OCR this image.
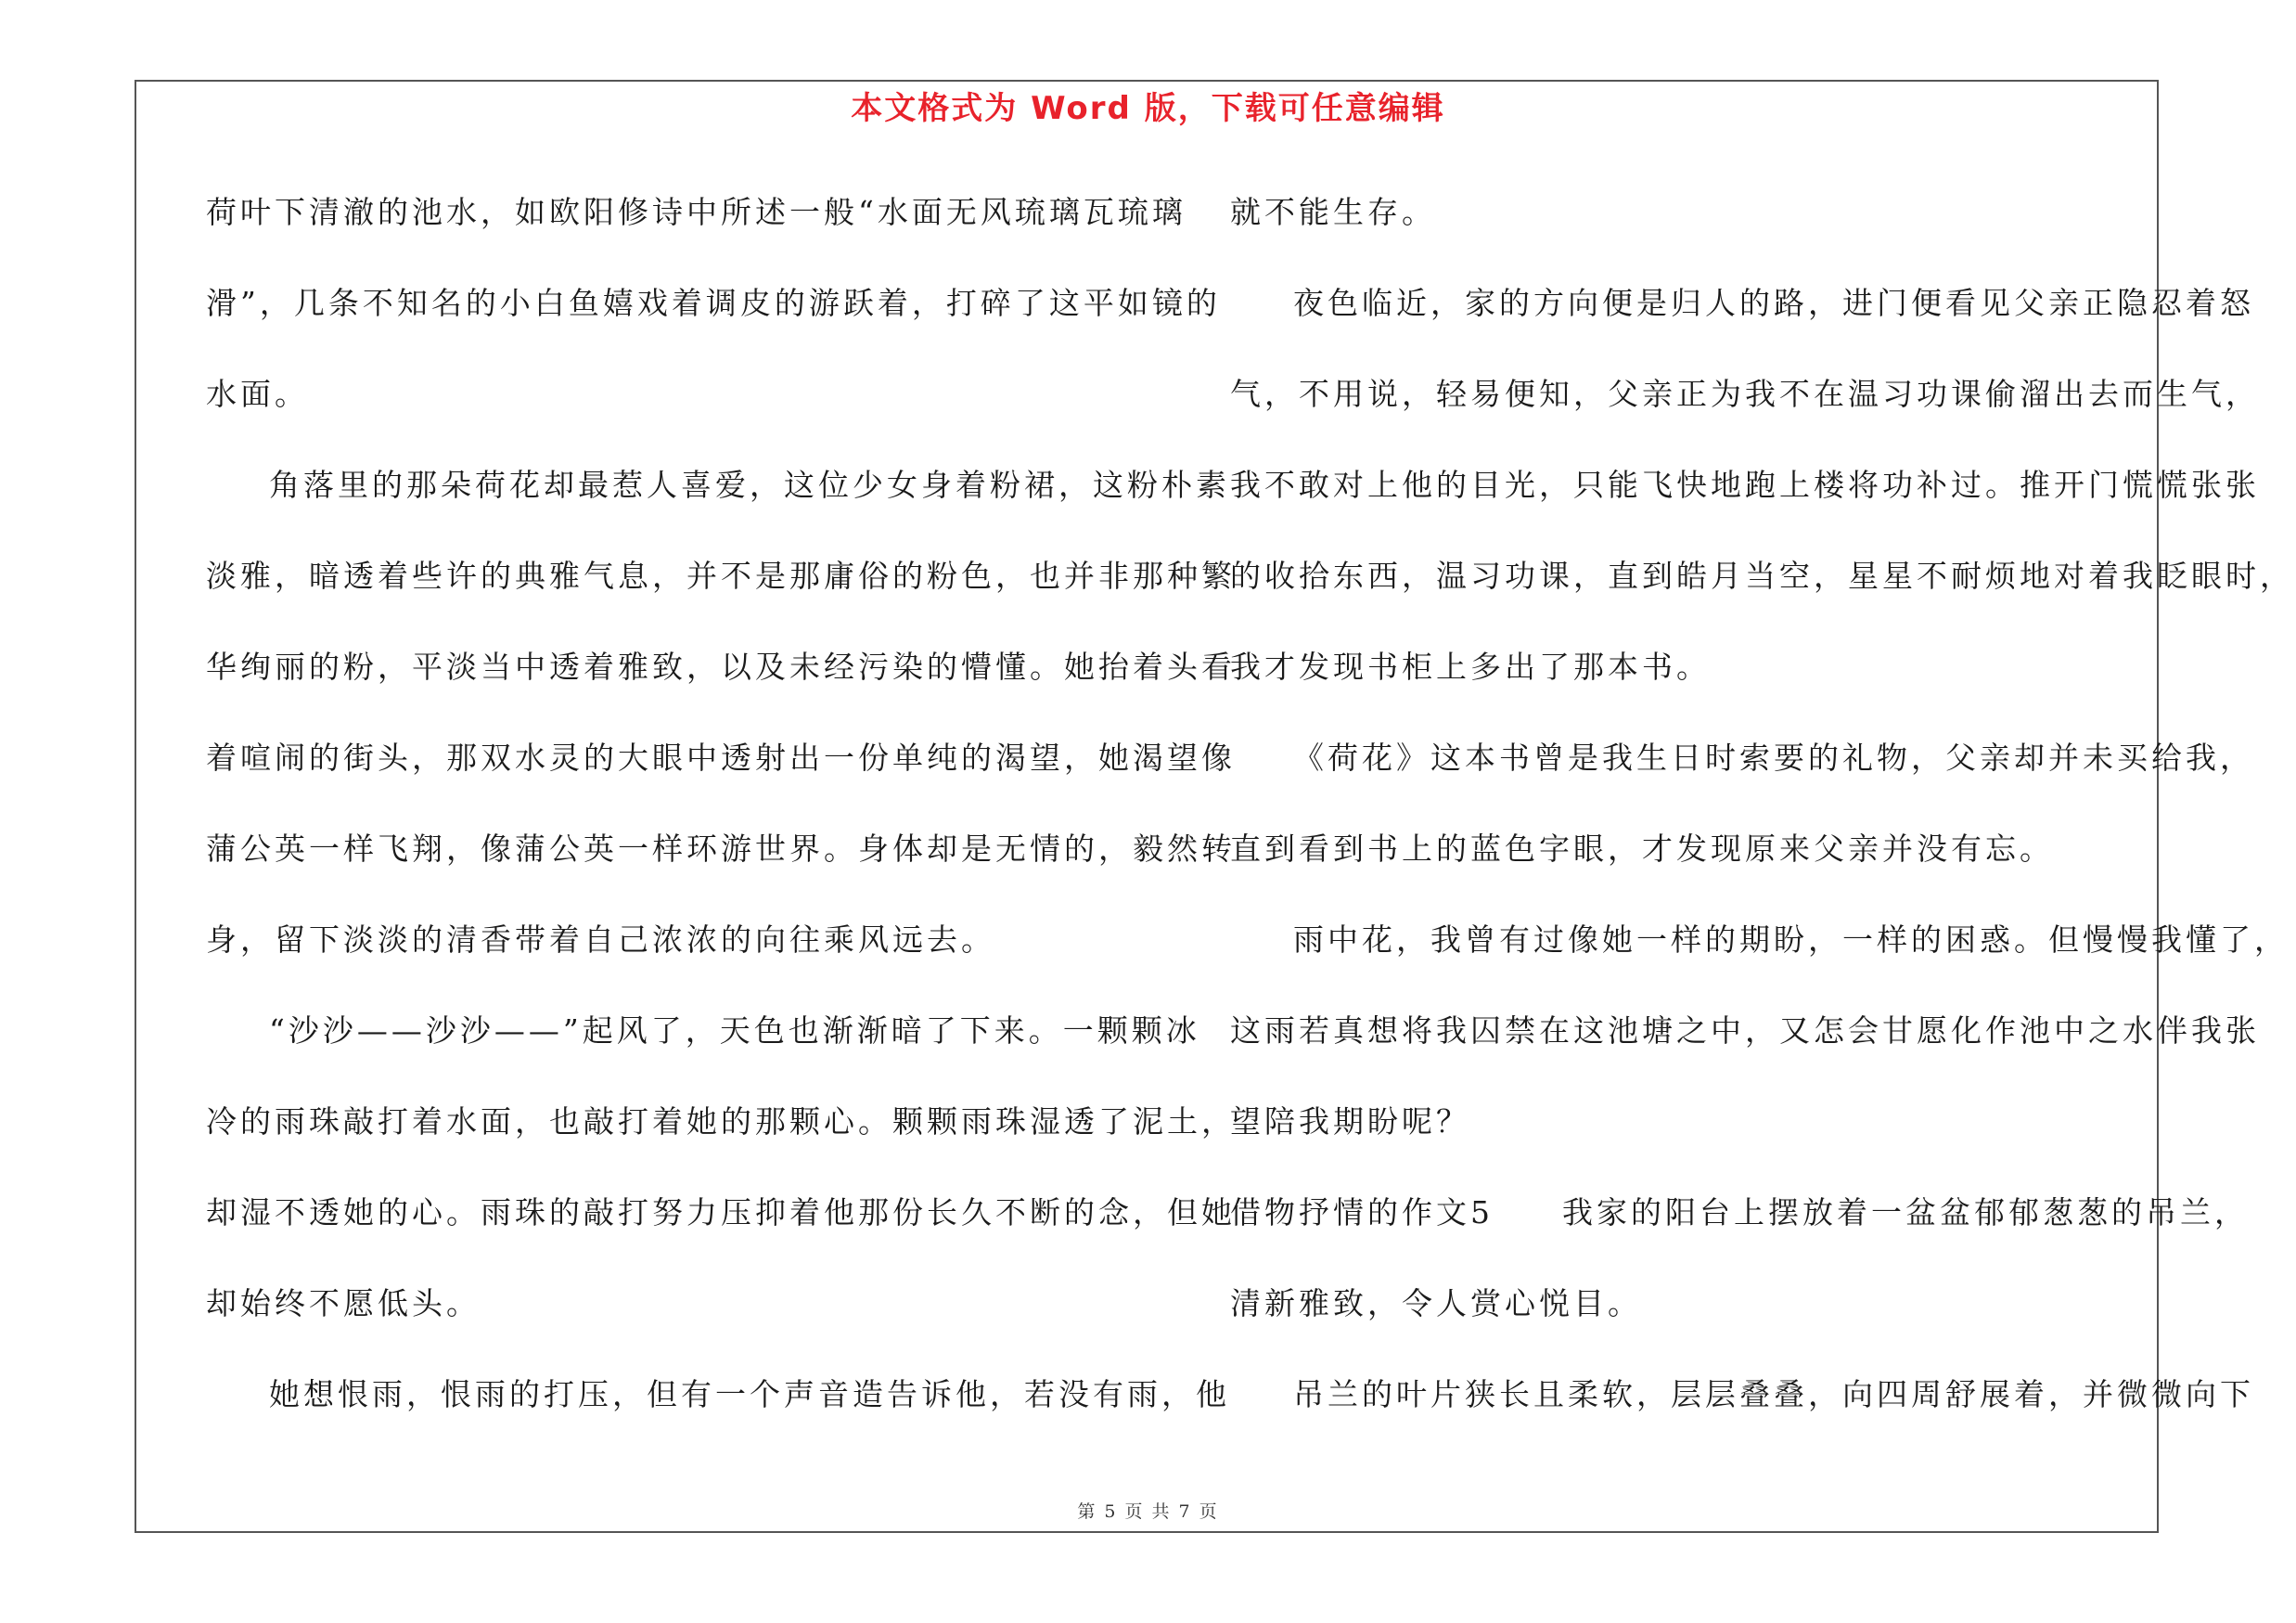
本文格式为 Word 版，下载可任意编辑
荷叶下清澈的池水，如欧阳修诗中所述一般“水面无风琉璃瓦琉璃
滑”，几条不知名的小白鱼嬉戏着调皮的游跃着，打碎了这平如镜的
水面。
角落里的那朵荷花却最惹人喜爱，这位少女身着粉裙，这粉朴素
淡雅，暗透着些许的典雅气息，并不是那庸俗的粉色，也并非那种繁
华绚丽的粉，平淡当中透着雅致，以及未经污染的懵懂。她抬着头看
着喧闹的街头，那双水灵的大眼中透射出一份单纯的渴望，她渴望像
蒲公英一样飞翔，像蒲公英一样环游世界。身体却是无情的，毅然转
身，留下淡淡的清香带着自己浓浓的向往乘风远去。
“沙沙——沙沙——”起风了，天色也渐渐暗了下来。一颗颗冰
冷的雨珠敲打着水面，也敲打着她的那颗心。颗颗雨珠湿透了泥土，
却湿不透她的心。雨珠的敲打努力压抑着他那份长久不断的念，但她
却始终不愿低头。
她想恨雨，恨雨的打压，但有一个声音造告诉他，若没有雨，他
就不能生存。
夜色临近，家的方向便是归人的路，进门便看见父亲正隐忍着怒
气，不用说，轻易便知，父亲正为我不在温习功课偷溜出去而生气，
我不敢对上他的目光，只能飞快地跑上楼将功补过。推开门慌慌张张
的收拾东西，温习功课，直到皓月当空，星星不耐烦地对着我眨眼时，
我才发现书柜上多出了那本书。
《荷花》这本书曾是我生日时索要的礼物，父亲却并未买给我，
直到看到书上的蓝色字眼，才发现原来父亲并没有忘。
雨中花，我曾有过像她一样的期盼，一样的困惑。但慢慢我懂了，
这雨若真想将我囚禁在这池塘之中，又怎会甘愿化作池中之水伴我张
望陪我期盼呢？
借物抒情的作文5　　我家的阳台上摆放着一盆盆郁郁葱葱的吊兰，
清新雅致，令人赏心悦目。
吊兰的叶片狭长且柔软，层层叠叠，向四周舒展着，并微微向下
第 5 页 共 7 页
